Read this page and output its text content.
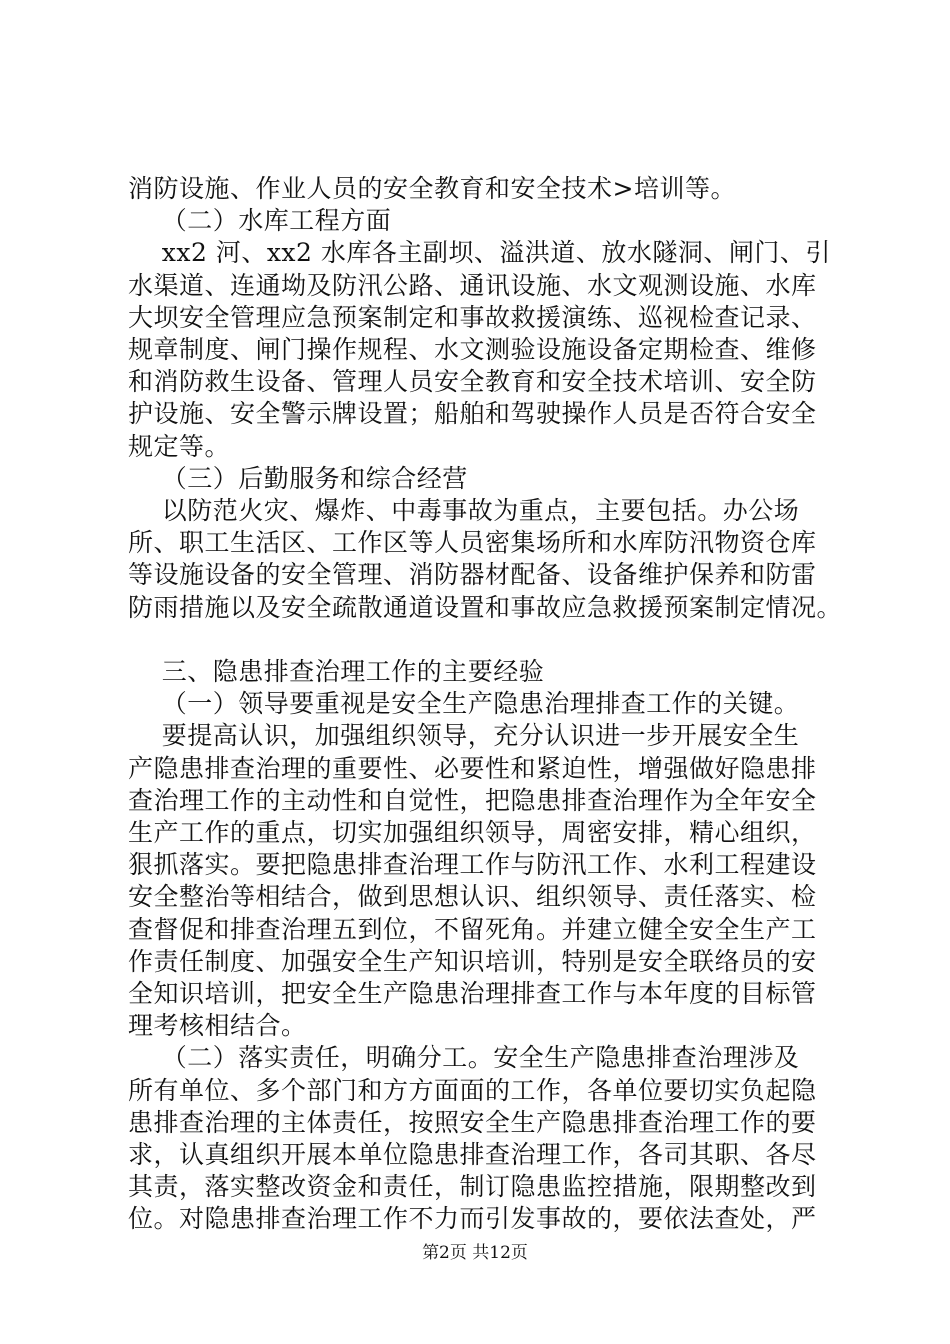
消防设施、作业人员的安全教育和安全技术>培训等。
（二）水库工程方面
xx2 河、xx2 水库各主副坝、溢洪道、放水隧洞、闸门、引
水渠道、连通坳及防汛公路、通讯设施、水文观测设施、水库
大坝安全管理应急预案制定和事故救援演练、巡视检查记录、
规章制度、闸门操作规程、水文测验设施设备定期检查、维修
和消防救生设备、管理人员安全教育和安全技术培训、安全防
护设施、安全警示牌设置；船舶和驾驶操作人员是否符合安全
规定等。
（三）后勤服务和综合经营
以防范火灾、爆炸、中毒事故为重点，主要包括。办公场
所、职工生活区、工作区等人员密集场所和水库防汛物资仓库
等设施设备的安全管理、消防器材配备、设备维护保养和防雷
防雨措施以及安全疏散通道设置和事故应急救援预案制定情况。
三、隐患排查治理工作的主要经验
（一）领导要重视是安全生产隐患治理排查工作的关键。
要提高认识，加强组织领导，充分认识进一步开展安全生
产隐患排查治理的重要性、必要性和紧迫性，增强做好隐患排
查治理工作的主动性和自觉性，把隐患排查治理作为全年安全
生产工作的重点，切实加强组织领导，周密安排，精心组织，
狠抓落实。要把隐患排查治理工作与防汛工作、水利工程建设
安全整治等相结合，做到思想认识、组织领导、责任落实、检
查督促和排查治理五到位，不留死角。并建立健全安全生产工
作责任制度、加强安全生产知识培训，特别是安全联络员的安
全知识培训，把安全生产隐患治理排查工作与本年度的目标管
理考核相结合。
（二）落实责任，明确分工。安全生产隐患排查治理涉及
所有单位、多个部门和方方面面的工作，各单位要切实负起隐
患排查治理的主体责任，按照安全生产隐患排查治理工作的要
求，认真组织开展本单位隐患排查治理工作，各司其职、各尽
其责，落实整改资金和责任，制订隐患监控措施，限期整改到
位。对隐患排查治理工作不力而引发事故的，要依法查处，严
第2页 共12页
